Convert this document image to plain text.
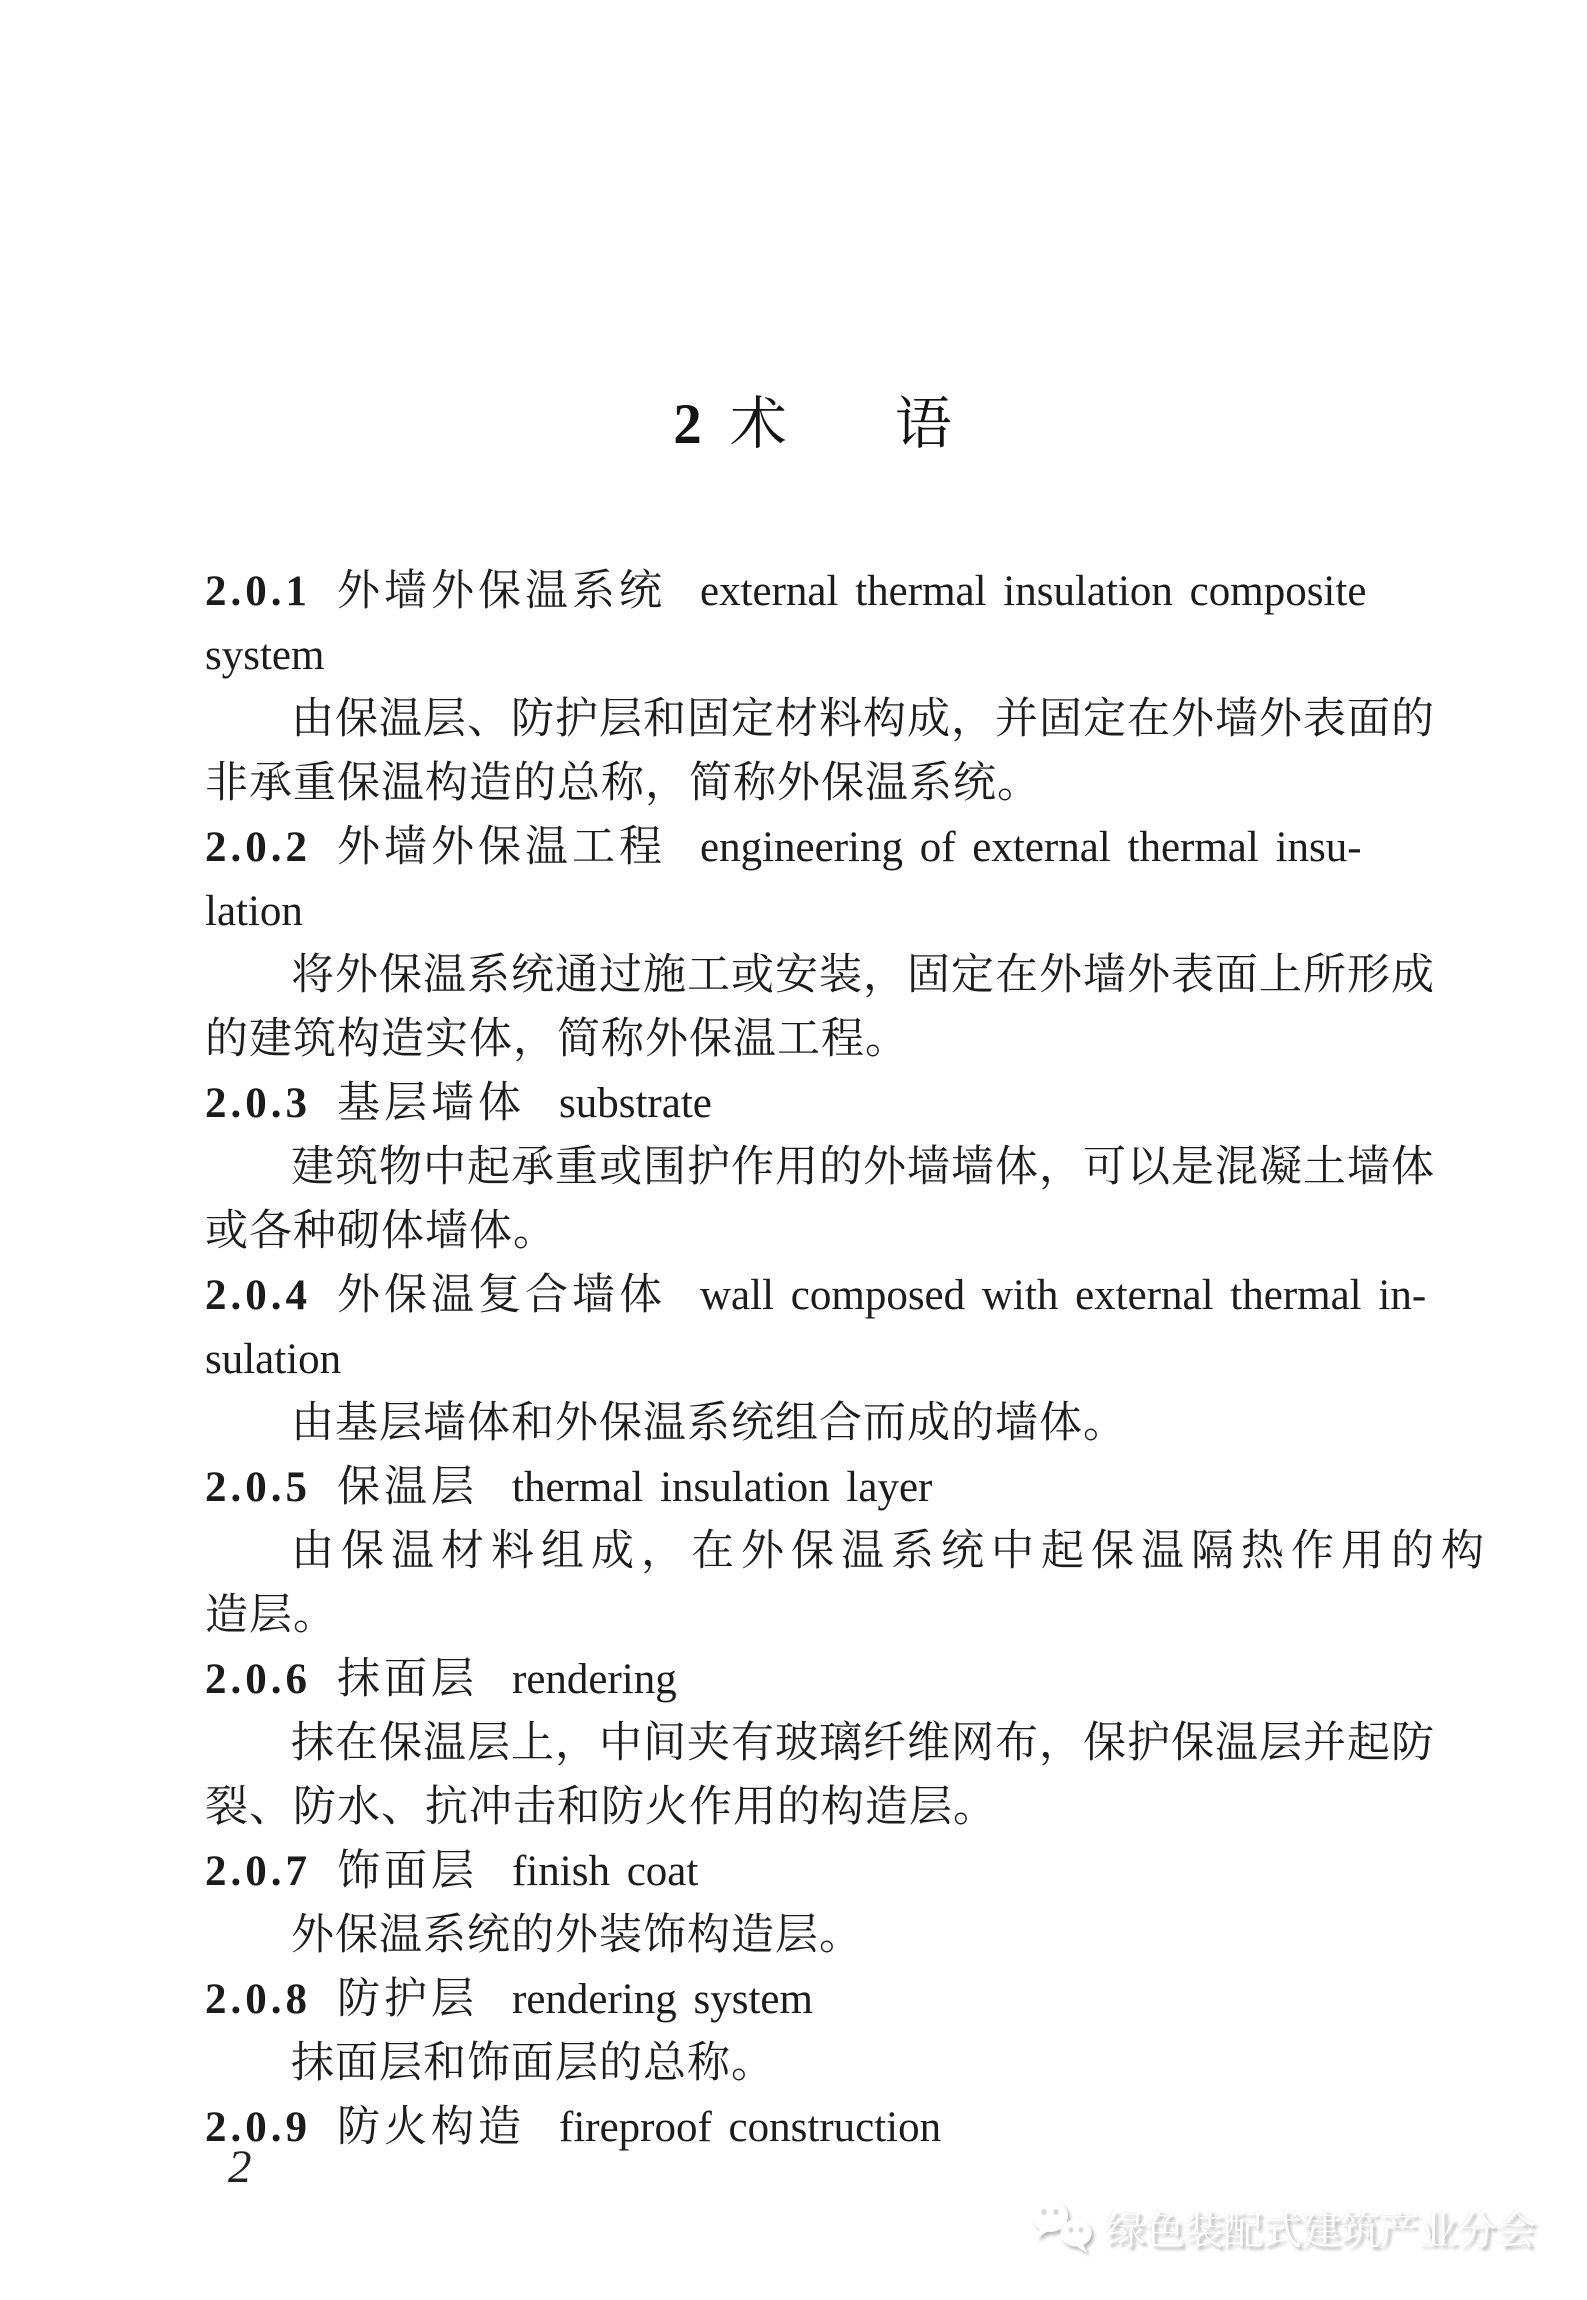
2 术 语
2.0.1 外墙外保温系统 external thermal insulation composite
system
由保温层、防护层和固定材料构成，并固定在外墙外表面的
非承重保温构造的总称，简称外保温系统。
2.0.2 外墙外保温工程 engineering of external thermal insu-
lation
将外保温系统通过施工或安装，固定在外墙外表面上所形成
的建筑构造实体，简称外保温工程。
2.0.3 基层墙体 substrate
建筑物中起承重或围护作用的外墙墙体，可以是混凝土墙体
或各种砌体墙体。
2.0.4 外保温复合墙体 wall composed with external thermal in-
sulation
由基层墙体和外保温系统组合而成的墙体。
2.0.5 保温层 thermal insulation layer
由保温材料组成，在外保温系统中起保温隔热作用的构
造层。
2.0.6 抹面层 rendering
抹在保温层上，中间夹有玻璃纤维网布，保护保温层并起防
裂、防水、抗冲击和防火作用的构造层。
2.0.7 饰面层 finish coat
外保温系统的外装饰构造层。
2.0.8 防护层 rendering system
抹面层和饰面层的总称。
2.0.9 防火构造 fireproof construction
2
绿色装配式建筑产业分会
